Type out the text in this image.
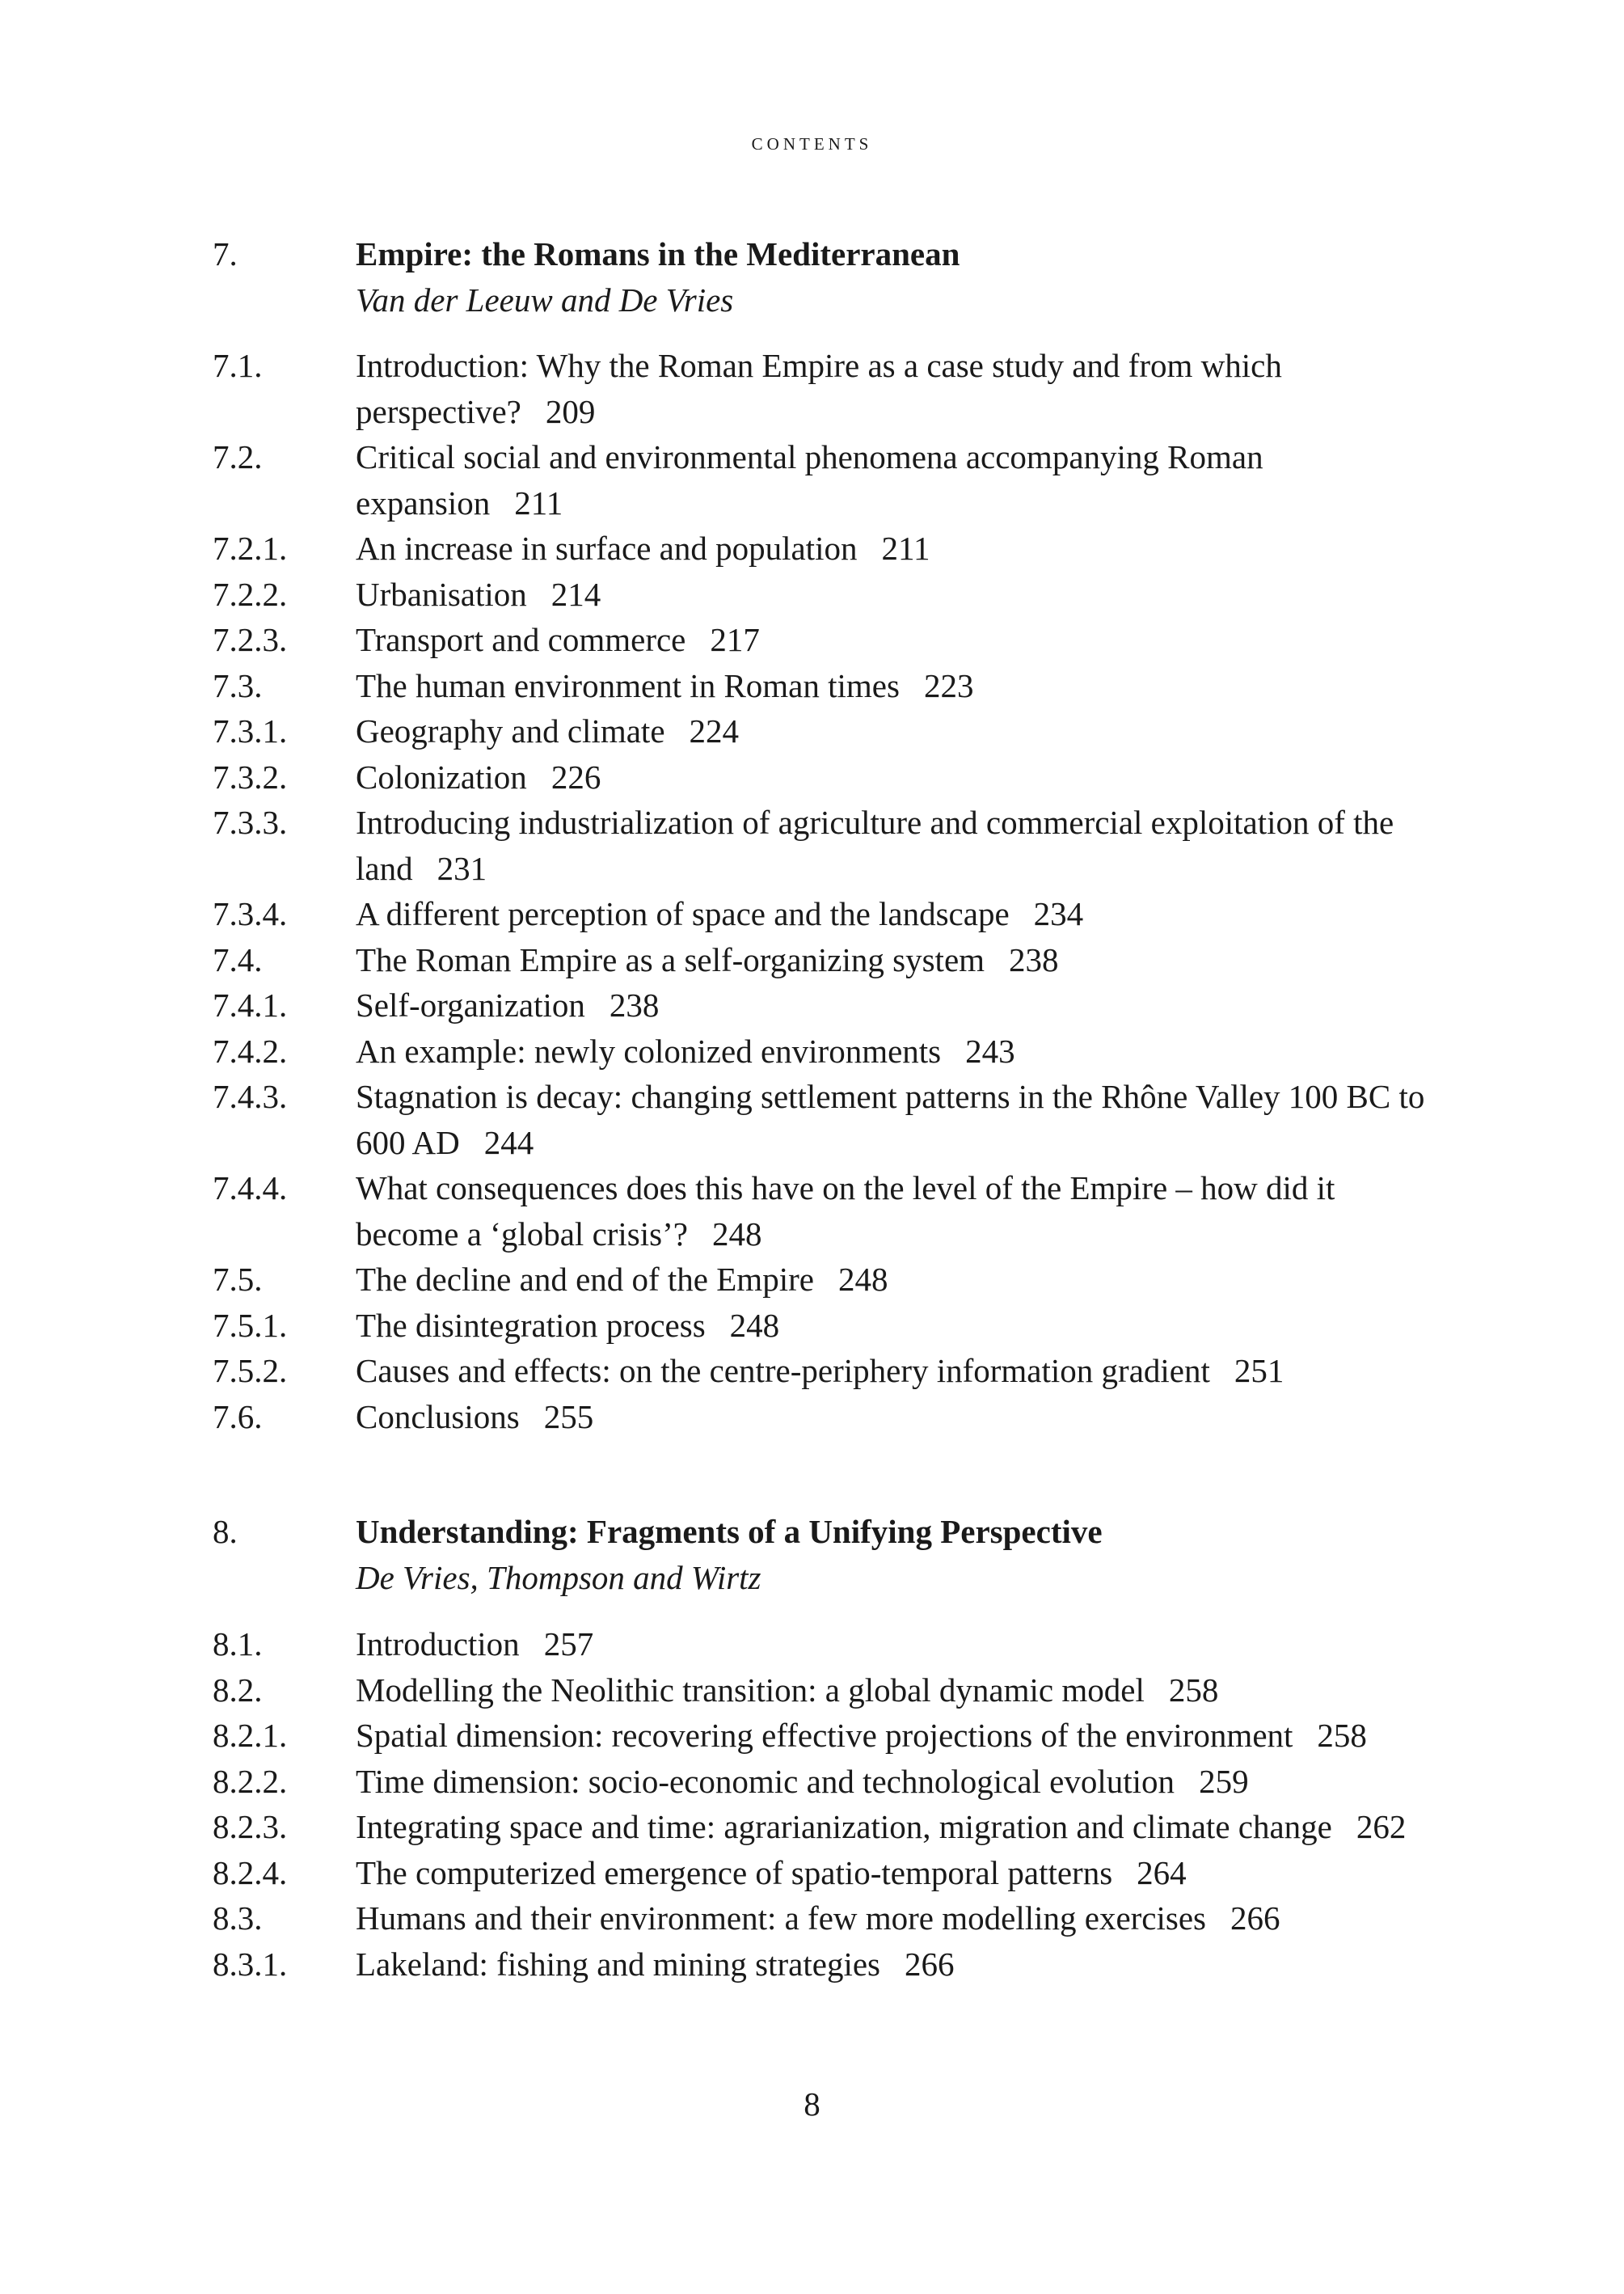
CONTENTS
7.	Empire: the Romans in the Mediterranean
Van der Leeuw and De Vries
7.1.	Introduction: Why the Roman Empire as a case study and from which perspective? 209
7.2.	Critical social and environmental phenomena accompanying Roman expansion 211
7.2.1.	An increase in surface and population 211
7.2.2.	Urbanisation 214
7.2.3.	Transport and commerce 217
7.3.	The human environment in Roman times 223
7.3.1.	Geography and climate 224
7.3.2.	Colonization 226
7.3.3.	Introducing industrialization of agriculture and commercial exploitation of the land 231
7.3.4.	A different perception of space and the landscape 234
7.4.	The Roman Empire as a self-organizing system 238
7.4.1.	Self-organization 238
7.4.2.	An example: newly colonized environments 243
7.4.3.	Stagnation is decay: changing settlement patterns in the Rhône Valley 100 BC to 600 AD 244
7.4.4.	What consequences does this have on the level of the Empire – how did it become a ‘global crisis’? 248
7.5.	The decline and end of the Empire 248
7.5.1.	The disintegration process 248
7.5.2.	Causes and effects: on the centre-periphery information gradient 251
7.6.	Conclusions 255
8.	Understanding: Fragments of a Unifying Perspective
De Vries, Thompson and Wirtz
8.1.	Introduction 257
8.2.	Modelling the Neolithic transition: a global dynamic model 258
8.2.1.	Spatial dimension: recovering effective projections of the environment 258
8.2.2.	Time dimension: socio-economic and technological evolution 259
8.2.3.	Integrating space and time: agrarianization, migration and climate change 262
8.2.4.	The computerized emergence of spatio-temporal patterns 264
8.3.	Humans and their environment: a few more modelling exercises 266
8.3.1.	Lakeland: fishing and mining strategies 266
8
